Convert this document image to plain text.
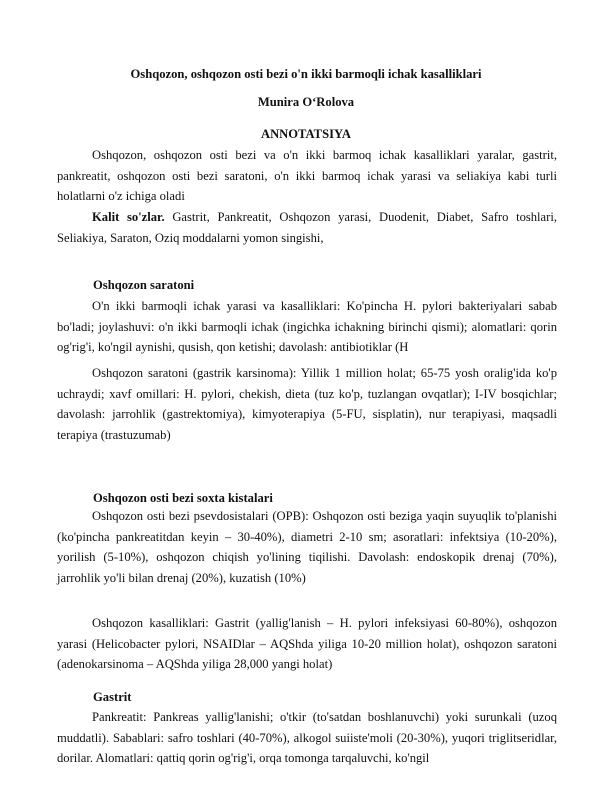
Oshqozon, oshqozon osti bezi o'n ikki barmoqli ichak kasalliklari
Munira O‘Rolova
ANNOTATSIYA
Oshqozon, oshqozon osti bezi va o'n ikki barmoq ichak kasalliklari yaralar, gastrit, pankreatit, oshqozon osti bezi saratoni, o'n ikki barmoq ichak yarasi va seliakiya kabi turli holatlarni o'z ichiga oladi
Kalit so'zlar. Gastrit, Pankreatit, Oshqozon yarasi, Duodenit, Diabet, Safro toshlari, Seliakiya, Saraton, Oziq moddalarni yomon singishi,
Oshqozon saratoni
O'n ikki barmoqli ichak yarasi va kasalliklari: Ko'pincha H. pylori bakteriyalari sabab bo'ladi; joylashuvi: o'n ikki barmoqli ichak (ingichka ichakning birinchi qismi); alomatlari: qorin og'rig'i, ko'ngil aynishi, qusish, qon ketishi; davolash: antibiotiklar (H
Oshqozon saratoni (gastrik karsinoma): Yillik 1 million holat; 65-75 yosh oralig'ida ko'p uchraydi; xavf omillari: H. pylori, chekish, dieta (tuz ko'p, tuzlangan ovqatlar); I-IV bosqichlar; davolash: jarrohlik (gastrektomiya), kimyoterapiya (5-FU, sisplatin), nur terapiyasi, maqsadli terapiya (trastuzumab)
Oshqozon osti bezi soxta kistalari
Oshqozon osti bezi psevdosistalari (OPB): Oshqozon osti beziga yaqin suyuqlik to'planishi (ko'pincha pankreatitdan keyin – 30-40%), diametri 2-10 sm; asoratlari: infektsiya (10-20%), yorilish (5-10%), oshqozon chiqish yo'lining tiqilishi. Davolash: endoskopik drenaj (70%), jarrohlik yo'li bilan drenaj (20%), kuzatish (10%)
Oshqozon kasalliklari: Gastrit (yallig'lanish – H. pylori infeksiyasi 60-80%), oshqozon yarasi (Helicobacter pylori, NSAIDlar – AQShda yiliga 10-20 million holat), oshqozon saratoni (adenokarsinoma – AQShda yiliga 28,000 yangi holat)
Gastrit
Pankreatit: Pankreas yallig'lanishi; o'tkir (to'satdan boshlanuvchi) yoki surunkali (uzoq muddatli). Sabablari: safro toshlari (40-70%), alkogol suiiste'moli (20-30%), yuqori triglitseridlar, dorilar. Alomatlari: qattiq qorin og'rig'i, orqa tomonga tarqaluvchi, ko'ngil
